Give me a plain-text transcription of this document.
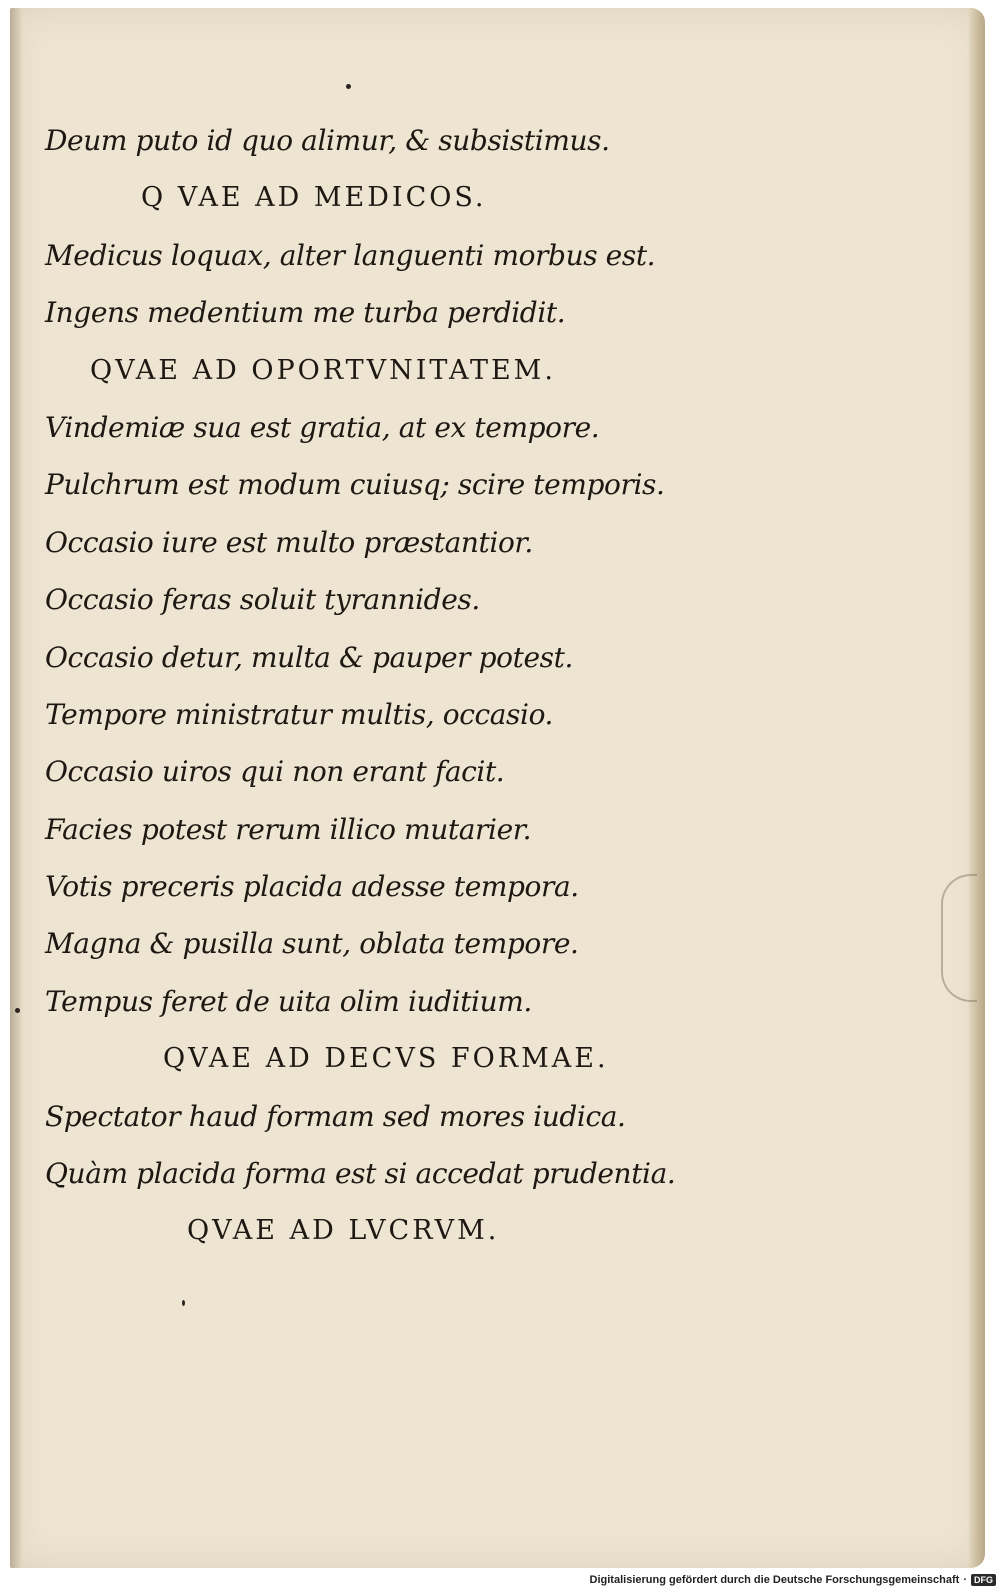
Deum puto id quo alimur, & subsistimus.
Q VAE AD MEDICOS.
Medicus loquax, alter languenti morbus est.
Ingens medentium me turba perdidit.
QVAE AD OPORTVNITATEM.
Vindemiæ sua est gratia, at ex tempore.
Pulchrum est modum cuiusq; scire temporis.
Occasio iure est multo præstantior.
Occasio feras soluit tyrannides.
Occasio detur, multa & pauper potest.
Tempore ministratur multis, occasio.
Occasio uiros qui non erant facit.
Facies potest rerum illico mutarier.
Votis preceris placida adesse tempora.
Magna & pusilla sunt, oblata tempore.
Tempus feret de uita olim iuditium.
QVAE AD DECVS FORMAE.
Spectator haud formam sed mores iudica.
Quàm placida forma est si accedat prudentia.
QVAE AD LVCRVM.
Digitalisierung gefördert durch die Deutsche Forschungsgemeinschaft · DFG
